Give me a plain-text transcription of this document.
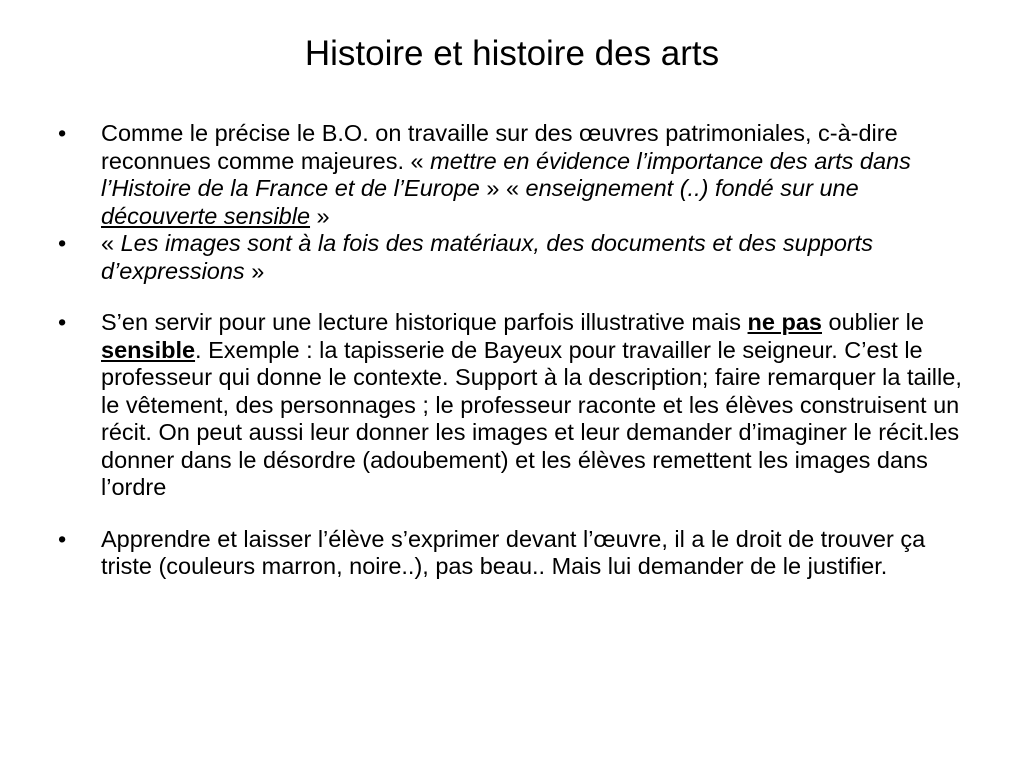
Histoire et histoire des arts
•	Comme le précise le B.O. on travaille sur des œuvres patrimoniales, c-à-dire reconnues comme majeures. « mettre en évidence l’importance des arts dans l’Histoire de la France et de l’Europe » « enseignement (..) fondé sur une découverte sensible »
•	« Les images sont à la fois des matériaux, des documents et des supports d’expressions »
•	S’en servir pour une lecture historique parfois illustrative mais ne pas oublier le sensible. Exemple : la tapisserie de Bayeux pour travailler le seigneur. C’est le professeur qui donne le contexte. Support à la description; faire remarquer la taille, le vêtement, des personnages ; le professeur raconte et les élèves construisent un récit. On peut aussi leur donner les images et leur demander d’imaginer le récit.les donner dans le désordre (adoubement) et les élèves remettent les images dans l’ordre
•	Apprendre et laisser l’élève s’exprimer devant l’œuvre, il a le droit de trouver ça triste (couleurs marron, noire..), pas beau.. Mais lui demander de le justifier.
